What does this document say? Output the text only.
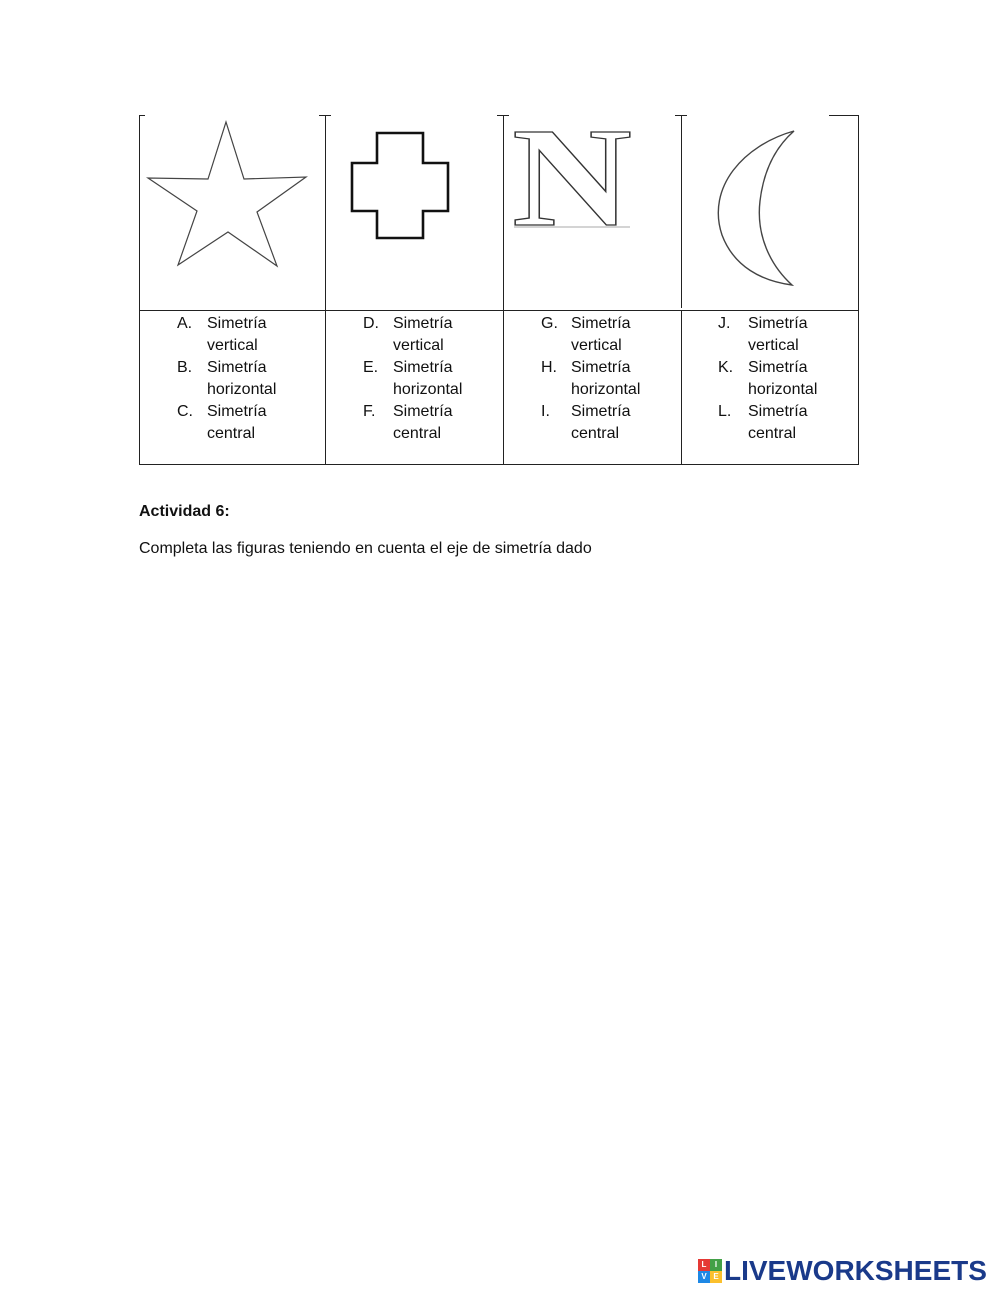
N
A. Simetría vertical
B. Simetría horizontal
C. Simetría central
D. Simetría vertical
E. Simetría horizontal
F.	Simetría central
G. Simetría vertical
H. Simetría horizontal
I.	Simetría central
J.	Simetría vertical
K. Simetría horizontal
L.	Simetría central
Actividad 6:
Completa las figuras teniendo en cuenta el eje de simetría dado
L	I
V E LIVEWORKSHEETS
